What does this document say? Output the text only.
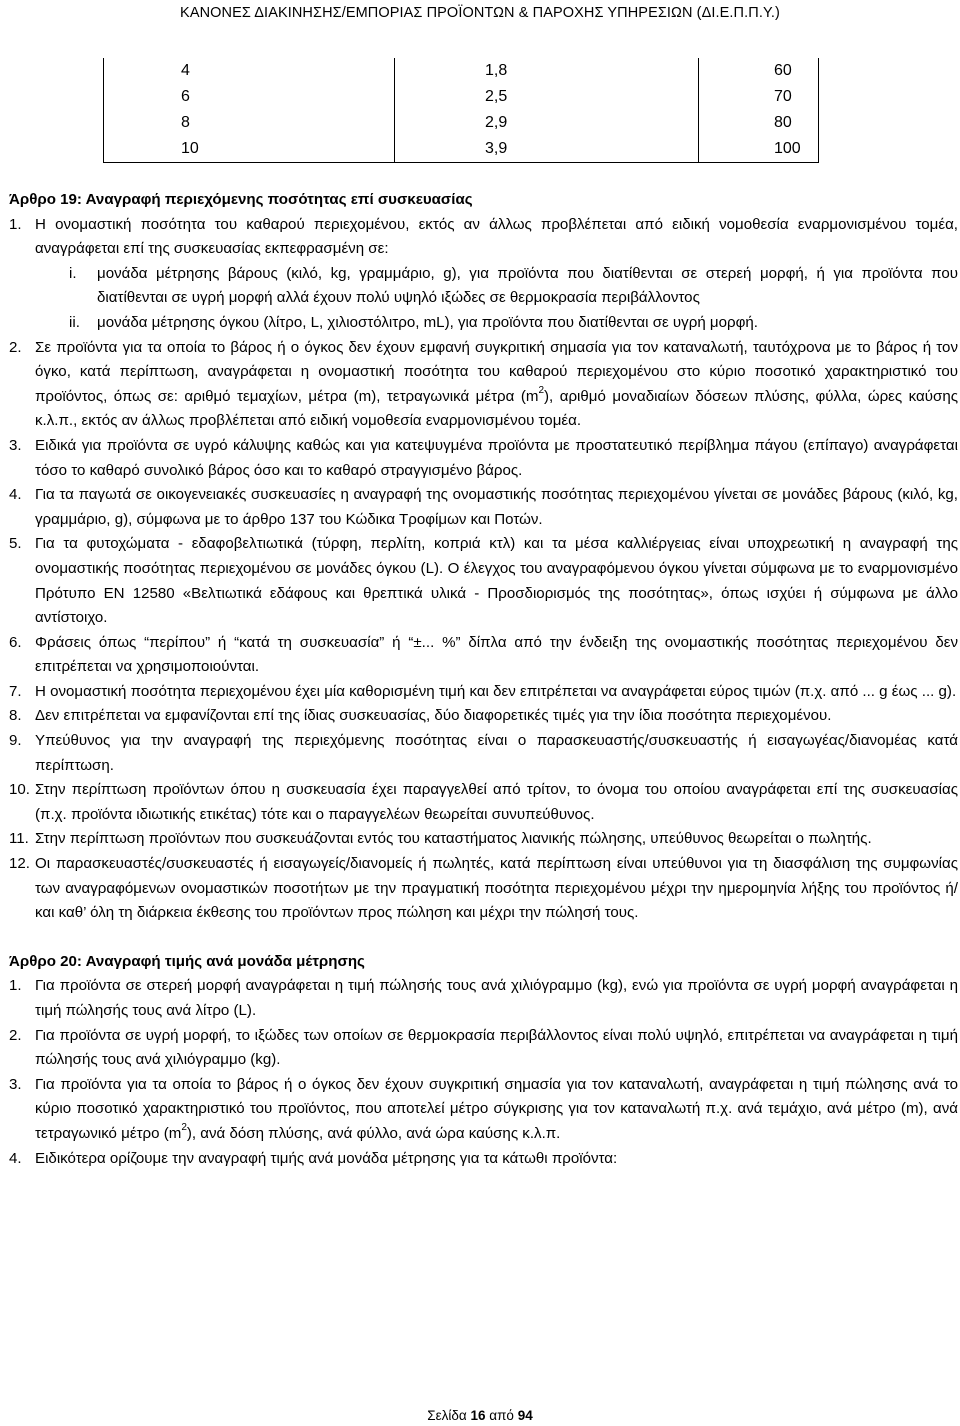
ΚΑΝΟΝΕΣ ΔΙΑΚΙΝΗΣΗΣ/ΕΜΠΟΡΙΑΣ ΠΡΟΪΟΝΤΩΝ & ΠΑΡΟΧΗΣ ΥΠΗΡΕΣΙΩΝ (ΔΙ.Ε.Π.Π.Υ.)
4	1,8	60
6	2,5	70
8	2,9	80
10	3,9	100
Άρθρο 19: Αναγραφή περιεχόμενης ποσότητας επί συσκευασίας
1. Η ονομαστική ποσότητα του καθαρού περιεχομένου, εκτός αν άλλως προβλέπεται από ειδική νομοθεσία εναρμονισμένου τομέα, αναγράφεται επί της συσκευασίας εκπεφρασμένη σε:
i. μονάδα μέτρησης βάρους (κιλό, kg, γραμμάριο, g), για προϊόντα που διατίθενται σε στερεή μορφή, ή για προϊόντα που διατίθενται σε υγρή μορφή αλλά έχουν πολύ υψηλό ιξώδες σε θερμοκρασία περιβάλλοντος
ii. μονάδα μέτρησης όγκου (λίτρο, L, χιλιοστόλιτρο, mL), για προϊόντα που διατίθενται σε υγρή μορφή.
2. Σε προϊόντα για τα οποία το βάρος ή ο όγκος δεν έχουν εμφανή συγκριτική σημασία για τον καταναλωτή, ταυτόχρονα με το βάρος ή τον όγκο, κατά περίπτωση, αναγράφεται η ονομαστική ποσότητα του καθαρού περιεχομένου στο κύριο ποσοτικό χαρακτηριστικό του προϊόντος, όπως σε: αριθμό τεμαχίων, μέτρα (m), τετραγωνικά μέτρα $(m^2)$, αριθμό μοναδιαίων δόσεων πλύσης, φύλλα, ώρες καύσης κ.λ.π., εκτός αν άλλως προβλέπεται από ειδική νομοθεσία εναρμονισμένου τομέα.
3. Ειδικά για προϊόντα σε υγρό κάλυψης καθώς και για κατεψυγμένα προϊόντα με προστατευτικό περίβλημα πάγου (επίπαγο) αναγράφεται τόσο το καθαρό συνολικό βάρος όσο και το καθαρό στραγγισμένο βάρος.
4. Για τα παγωτά σε οικογενειακές συσκευασίες η αναγραφή της ονομαστικής ποσότητας περιεχομένου γίνεται σε μονάδες βάρους (κιλό, kg, γραμμάριο, g), σύμφωνα με το άρθρο 137 του Κώδικα Τροφίμων και Ποτών.
5. Για τα φυτοχώματα - εδαφοβελτιωτικά (τύρφη, περλίτη, κοπριά κτλ) και τα μέσα καλλιέργειας είναι υποχρεωτική η αναγραφή της ονομαστικής ποσότητας περιεχομένου σε μονάδες όγκου (L). Ο έλεγχος του αναγραφόμενου όγκου γίνεται σύμφωνα με το εναρμονισμένο Πρότυπο ΕΝ 12580 «Βελτιωτικά εδάφους και θρεπτικά υλικά - Προσδιορισμός της ποσότητας», όπως ισχύει ή σύμφωνα με άλλο αντίστοιχο.
6. Φράσεις όπως “περίπου” ή “κατά τη συσκευασία” ή “±... %” δίπλα από την ένδειξη της ονομαστικής ποσότητας περιεχομένου δεν επιτρέπεται να χρησιμοποιούνται.
7. Η ονομαστική ποσότητα περιεχομένου έχει μία καθορισμένη τιμή και δεν επιτρέπεται να αναγράφεται εύρος τιμών (π.χ. από ... g έως ... g).
8. Δεν επιτρέπεται να εμφανίζονται επί της ίδιας συσκευασίας, δύο διαφορετικές τιμές για την ίδια ποσότητα περιεχομένου.
9. Υπεύθυνος για την αναγραφή της περιεχόμενης ποσότητας είναι ο παρασκευαστής/συσκευαστής ή εισαγωγέας/διανομέας κατά περίπτωση.
10. Στην περίπτωση προϊόντων όπου η συσκευασία έχει παραγγελθεί από τρίτον, το όνομα του οποίου αναγράφεται επί της συσκευασίας (π.χ. προϊόντα ιδιωτικής ετικέτας) τότε και ο παραγγελέων θεωρείται συνυπεύθυνος.
11. Στην περίπτωση προϊόντων που συσκευάζονται εντός του καταστήματος λιανικής πώλησης, υπεύθυνος θεωρείται ο πωλητής.
12. Οι παρασκευαστές/συσκευαστές ή εισαγωγείς/διανομείς ή πωλητές, κατά περίπτωση είναι υπεύθυνοι για τη διασφάλιση της συμφωνίας των αναγραφόμενων ονομαστικών ποσοτήτων με την πραγματική ποσότητα περιεχομένου μέχρι την ημερομηνία λήξης του προϊόντος ή/και καθ’ όλη τη διάρκεια έκθεσης του προϊόντων προς πώληση και μέχρι την πώλησή τους.
Άρθρο 20: Αναγραφή τιμής ανά μονάδα μέτρησης
1. Για προϊόντα σε στερεή μορφή αναγράφεται η τιμή πώλησής τους ανά χιλιόγραμμο (kg), ενώ για προϊόντα σε υγρή μορφή αναγράφεται η τιμή πώλησής τους ανά λίτρο (L).
2. Για προϊόντα σε υγρή μορφή, το ιξώδες των οποίων σε θερμοκρασία περιβάλλοντος είναι πολύ υψηλό, επιτρέπεται να αναγράφεται η τιμή πώλησής τους ανά χιλιόγραμμο (kg).
3. Για προϊόντα για τα οποία το βάρος ή ο όγκος δεν έχουν συγκριτική σημασία για τον καταναλωτή, αναγράφεται η τιμή πώλησης ανά το κύριο ποσοτικό χαρακτηριστικό του προϊόντος, που αποτελεί μέτρο σύγκρισης για τον καταναλωτή π.χ. ανά τεμάχιο, ανά μέτρο (m), ανά τετραγωνικό μέτρο $(m^2)$, ανά δόση πλύσης, ανά φύλλο, ανά ώρα καύσης κ.λ.π.
4. Ειδικότερα ορίζουμε την αναγραφή τιμής ανά μονάδα μέτρησης για τα κάτωθι προϊόντα:
Σελίδα 16 από 94
